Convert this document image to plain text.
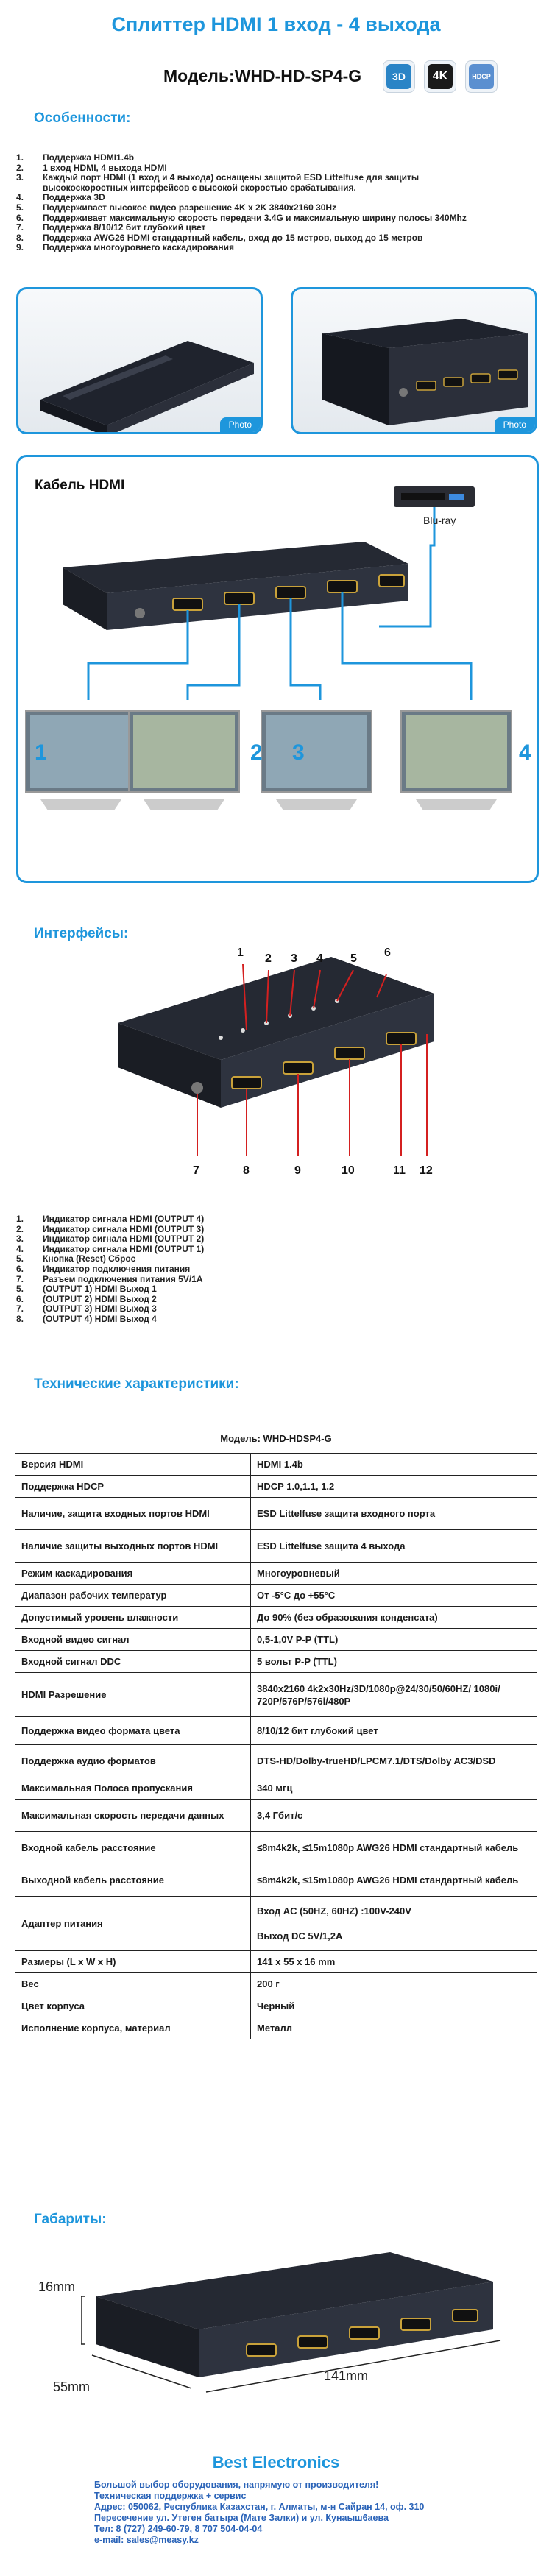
Сплиттер HDMI 1 вход - 4 выхода
Модель:WHD-HD-SP4-G	3D	4K	HDCP
Особенности:
1.	Поддержка HDMI1.4b
2.	1 вход HDMI, 4 выхода HDMI
3.	Каждый порт HDMI (1 вход и 4 выхода) оснащены защитой ESD Littelfuse для защиты
высокоскоростных интерфейсов с высокой скоростью срабатывания.
4.	Поддержка 3D
5.	Поддерживает высокое видео разрешение 4K x 2K 3840x2160 30Hz
6.	Поддерживает максимальную скорость передачи 3.4G и максимальную ширину полосы 340Mhz
7.	Поддержка 8/10/12 бит глубокий цвет
8.	Поддержка AWG26 HDMI стандартный кабель, вход до 15 метров, выход до 15 метров
9.	Поддержка многоуровнего каскадирования
Photo	Photo
Кабель HDMI
Blu-ray
1	2 3	4
Интерфейсы:
1 2 3 4 5 6
7	8	9	10	11 12
1.	Индикатор сигнала HDMI (OUTPUT 4)
2.	Индикатор сигнала HDMI (OUTPUT 3)
3.	Индикатор сигнала HDMI (OUTPUT 2)
4.	Индикатор сигнала HDMI (OUTPUT 1)
5.	Кнопка (Reset) Сброс
6.	Индикатор подключения питания
7.	Разъем подключения питания 5V/1A
5.	(OUTPUT 1) HDMI Выход 1
6.	(OUTPUT 2) HDMI Выход 2
7.	(OUTPUT 3) HDMI Выход 3
8.	(OUTPUT 4) HDMI Выход 4
Технические характеристики:
Модель: WHD-HDSP4-G
Версия HDMI	HDMI 1.4b
Поддержка HDCP	HDCP 1.0,1.1, 1.2
Наличие, защита входных портов HDMI	ESD Littelfuse защита входного порта
Наличие защиты выходных портов HDMI	ESD Littelfuse защита 4 выхода
Режим каскадирования	Многоуровневый
Диапазон рабочих температур	От -5°C до +55°C
Допустимый уровень влажности	До 90% (без образования конденсата)
Входной видео сигнал	0,5-1,0V P-P (TTL)
Входной сигнал DDC	5 вольт P-P (TTL)
HDMI Разрешение	3840x2160 4k2x30Hz/3D/1080p@24/30/50/60HZ/ 1080i/ 720P/576P/576i/480P
Поддержка видео формата цвета	8/10/12 бит глубокий цвет
Поддержка аудио форматов	DTS-HD/Dolby-trueHD/LPCM7.1/DTS/Dolby AC3/DSD
Максимальная Полоса пропускания	340 мгц
Максимальная скорость передачи данных	3,4 Гбит/с
Входной кабель расстояние	≤8m4k2k, ≤15m1080p AWG26 HDMI стандартный кабель
Выходной кабель расстояние	≤8m4k2k, ≤15m1080p AWG26 HDMI стандартный кабель
Адаптер питания	Вход AC (50HZ, 60HZ) :100V-240V

Выход DC 5V/1,2A
Размеры (L x W x H)	141 x 55 x 16 mm
Вес	200 г
Цвет корпуса	Черный
Исполнение корпуса, материал	Металл
Габариты:
16mm
55mm
141mm
Best Electronics
Большой выбор оборудования, напрямую от производителя!
Техническая поддержка + сервис
Адрес: 050062, Республика Казахстан, г. Алматы, м-н Сайран 14, оф. 310
Пересечение ул. Утеген батыра (Мате Залки) и ул. Кунаыш6аева
Тел: 8 (727) 249-60-79, 8 707 504-04-04
e-mail: sales@measy.kz
